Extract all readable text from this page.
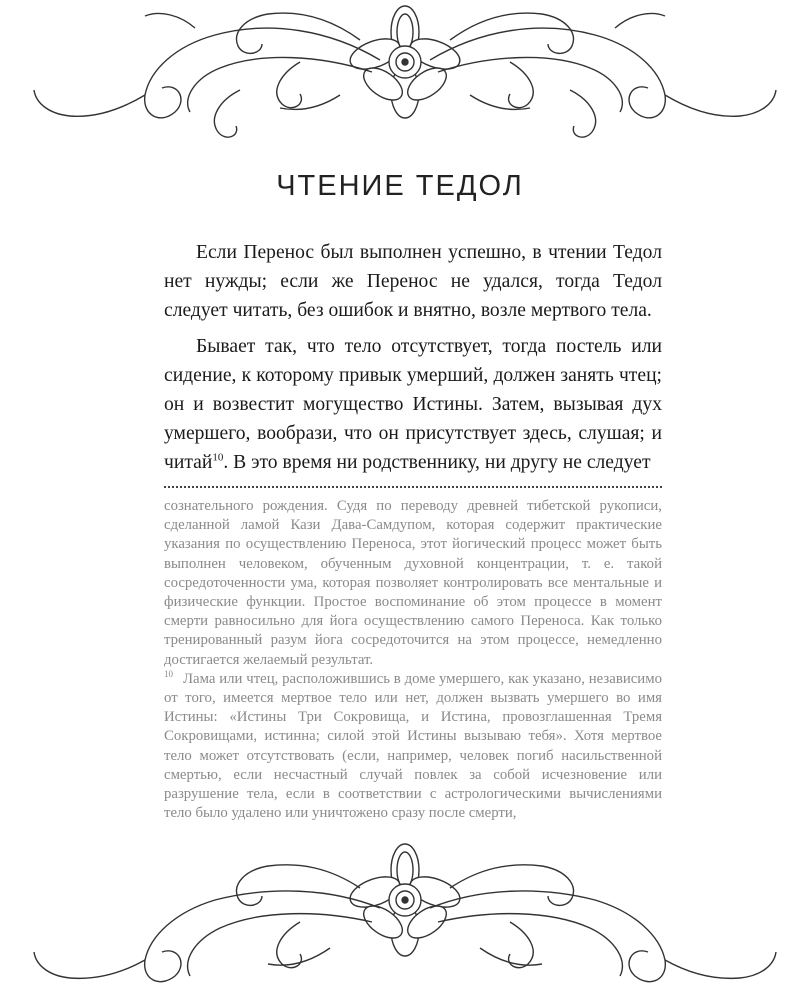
ЧТЕНИЕ ТЕДОЛ

Если Перенос был выполнен успешно, в чтении Тедол нет нужды; если же Перенос не удался, тогда Тедол следует читать, без ошибок и внятно, возле мертвого тела.

Бывает так, что тело отсутствует, тогда постель или сидение, к которому привык умерший, должен занять чтец; он и возвестит могущество Истины. Затем, вызывая дух умершего, вообрази, что он присутствует здесь, слушая; и читай$^{10}$. В это время ни родственнику, ни другу не следует

сознательного рождения. Судя по переводу древней тибетской рукописи, сделанной ламой Кази Дава-Самдупом, которая содержит практические указания по осуществлению Переноса, этот йогический процесс может быть выполнен человеком, обученным духовной концентрации, т. е. такой сосредоточенности ума, которая позволяет контролировать все ментальные и физические функции. Простое воспоминание об этом процессе в момент смерти равносильно для йога осуществлению самого Переноса. Как только тренированный разум йога сосредоточится на этом процессе, немедленно достигается желаемый результат.

$^{10}$ Лама или чтец, расположившись в доме умершего, как указано, независимо от того, имеется мертвое тело или нет, должен вызвать умершего во имя Истины: «Истины Три Сокровища, и Истина, провозглашенная Тремя Сокровищами, истинна; силой этой Истины вызываю тебя». Хотя мертвое тело может отсутствовать (если, например, человек погиб насильственной смертью, если несчастный случай повлек за собой исчезновение или разрушение тела, если в соответствии с астрологическими вычислениями тело было удалено или уничтожено сразу после смерти,
